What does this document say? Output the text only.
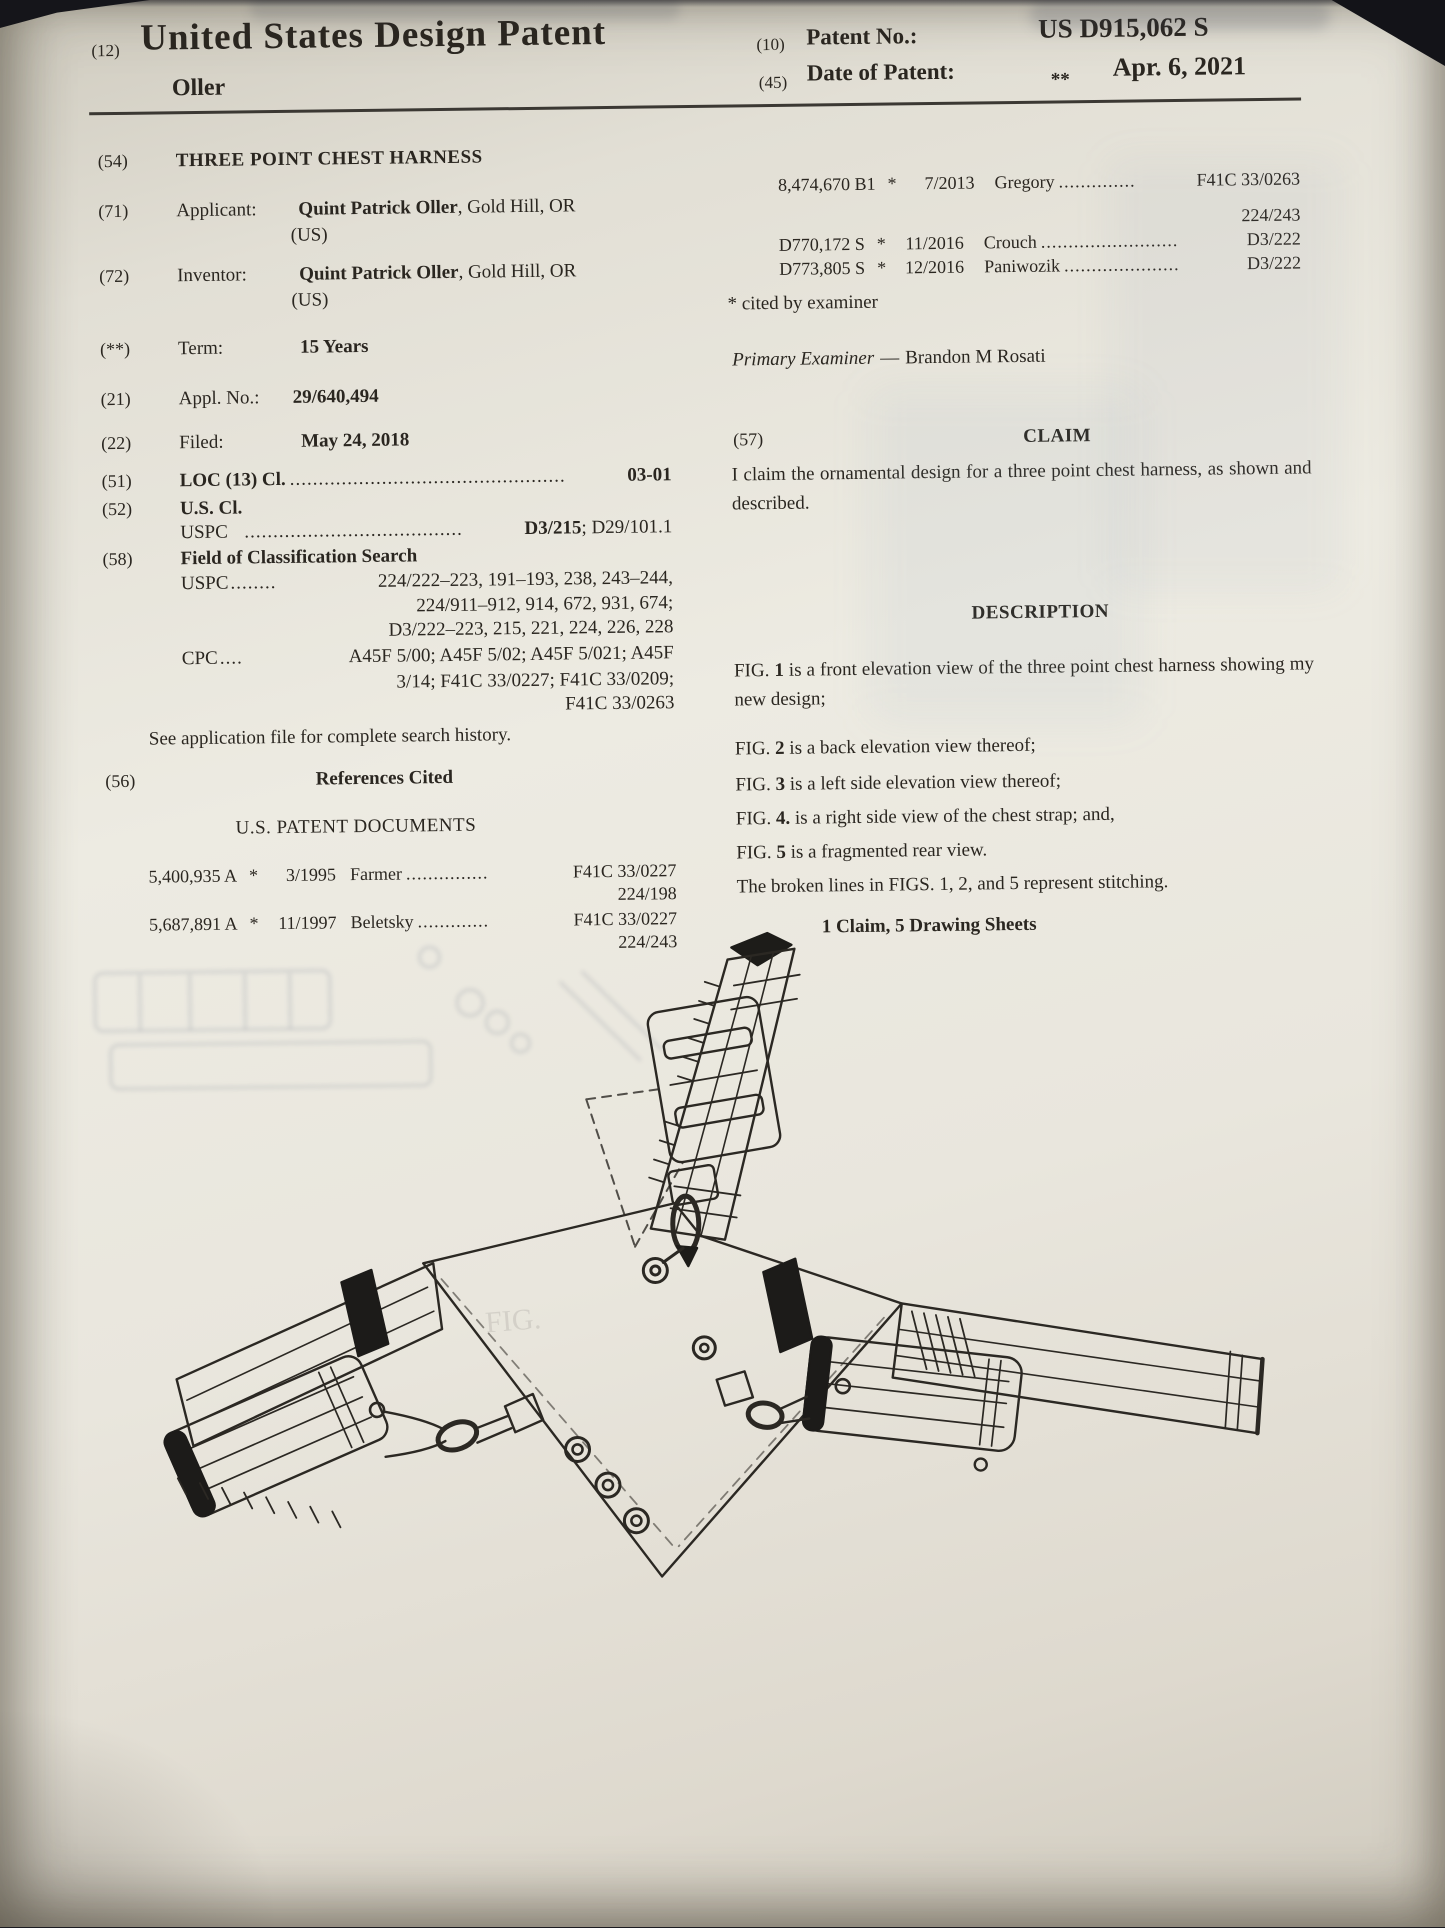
(12) United States Design Patent
Oller
(10) Patent No.:	US D915,062 S
(45) Date of Patent:	** Apr. 6, 2021
(54)	THREE POINT CHEST HARNESS
(71)	Applicant:	Quint Patrick Oller, Gold Hill, OR
(US)
(72)	Inventor:	Quint Patrick Oller, Gold Hill, OR
(US)
(**)	Term:	15 Years
(21)	Appl. No.:	29/640,494
(22)	Filed:	May 24, 2018
(51)	LOC (13) Cl. ................................................	03-01
(52)	U.S. Cl.
USPC ......................................	D3/215; D29/101.1
(58)	Field of Classification Search
USPC ........	224/222–223, 191–193, 238, 243–244,
224/911–912, 914, 672, 931, 674;
D3/222–223, 215, 221, 224, 226, 228
CPC ....	A45F 5/00; A45F 5/02; A45F 5/021; A45F
3/14; F41C 33/0227; F41C 33/0209;
F41C 33/0263
See application file for complete search history.
(56)	References Cited
U.S. PATENT DOCUMENTS
5,400,935 A *	3/1995 Farmer ...............	F41C 33/0227
224/198
5,687,891 A *	11/1997 Beletsky .............	F41C 33/0227
224/243
8,474,670 B1 *	7/2013	Gregory ..............	F41C 33/0263
224/243
D770,172 S *	11/2016	Crouch .........................	D3/222
D773,805 S *	12/2016	Paniwozik .....................	D3/222
* cited by examiner
Primary Examiner — Brandon M Rosati
(57)	CLAIM
I claim the ornamental design for a three point chest harness, as shown and described.
DESCRIPTION
FIG. 1 is a front elevation view of the three point chest harness showing my new design;
FIG. 2 is a back elevation view thereof;
FIG. 3 is a left side elevation view thereof;
FIG. 4. is a right side view of the chest strap; and,
FIG. 5 is a fragmented rear view.
The broken lines in FIGS. 1, 2, and 5 represent stitching.
1 Claim, 5 Drawing Sheets
FIG.
